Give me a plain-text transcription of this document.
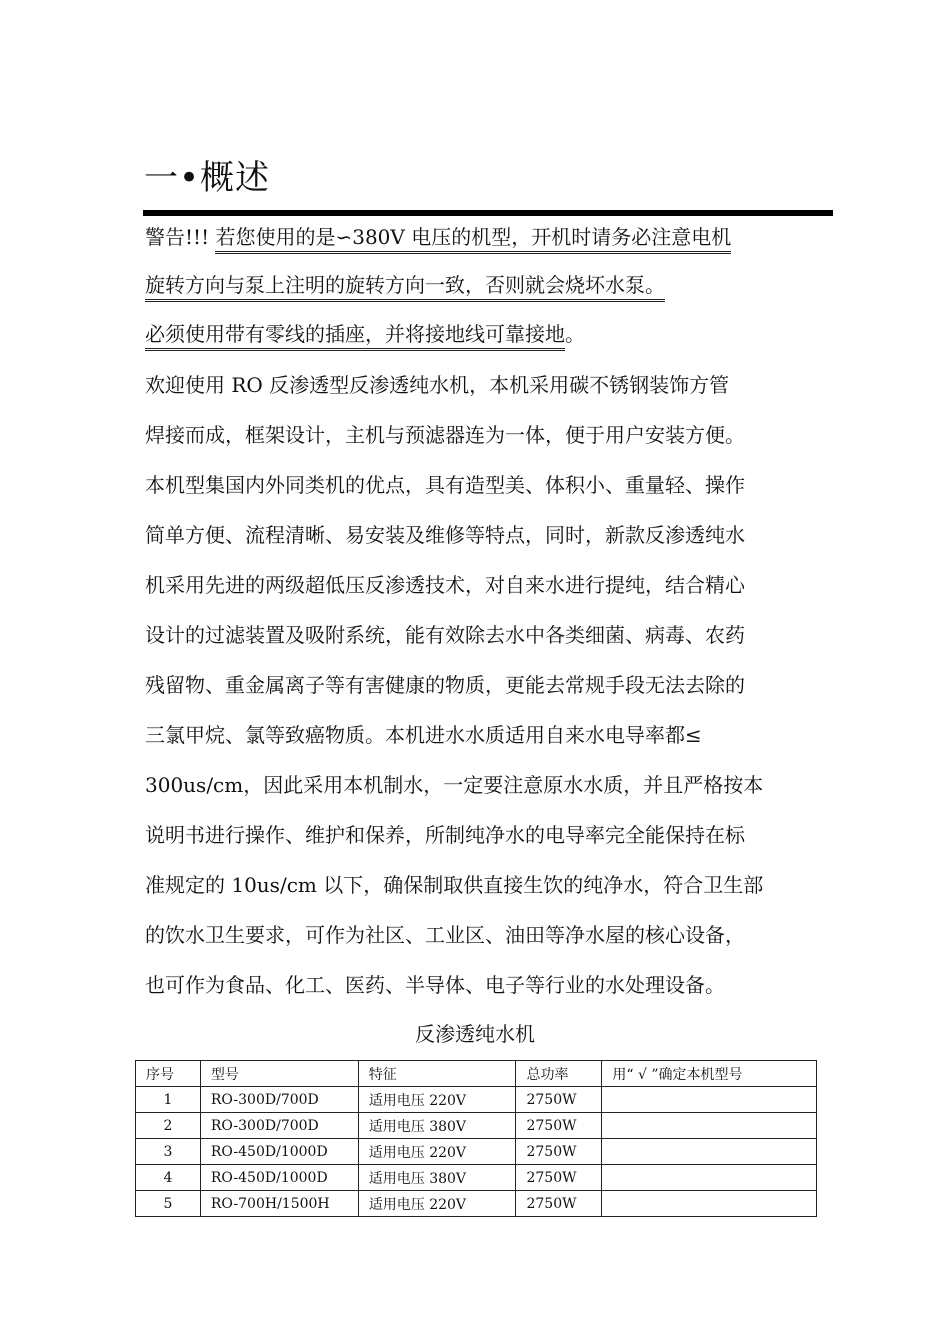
一•概述
警告!!! 若您使用的是∽380V 电压的机型，开机时请务必注意电机
旋转方向与泵上注明的旋转方向一致，否则就会烧坏水泵。
必须使用带有零线的插座，并将接地线可靠接地。
欢迎使用 RO 反渗透型反渗透纯水机，本机采用碳不锈钢装饰方管
焊接而成，框架设计，主机与预滤器连为一体，便于用户安装方便。
本机型集国内外同类机的优点，具有造型美、体积小、重量轻、操作
简单方便、流程清晰、易安装及维修等特点，同时，新款反渗透纯水
机采用先进的两级超低压反渗透技术，对自来水进行提纯，结合精心
设计的过滤装置及吸附系统，能有效除去水中各类细菌、病毒、农药
残留物、重金属离子等有害健康的物质，更能去常规手段无法去除的
三氯甲烷、氯等致癌物质。本机进水水质适用自来水电导率都≤
300us/cm，因此采用本机制水，一定要注意原水水质，并且严格按本
说明书进行操作、维护和保养，所制纯净水的电导率完全能保持在标
准规定的 10us/cm 以下，确保制取供直接生饮的纯净水，符合卫生部
的饮水卫生要求，可作为社区、工业区、油田等净水屋的核心设备，
也可作为食品、化工、医药、半导体、电子等行业的水处理设备。
反渗透纯水机
序号	型号	特征	总功率	用“ √ ”确定本机型号
1	RO-300D/700D	适用电压 220V	2750W	
2	RO-300D/700D	适用电压 380V	2750W	
3	RO-450D/1000D	适用电压 220V	2750W	
4	RO-450D/1000D	适用电压 380V	2750W	
5	RO-700H/1500H	适用电压 220V	2750W	
